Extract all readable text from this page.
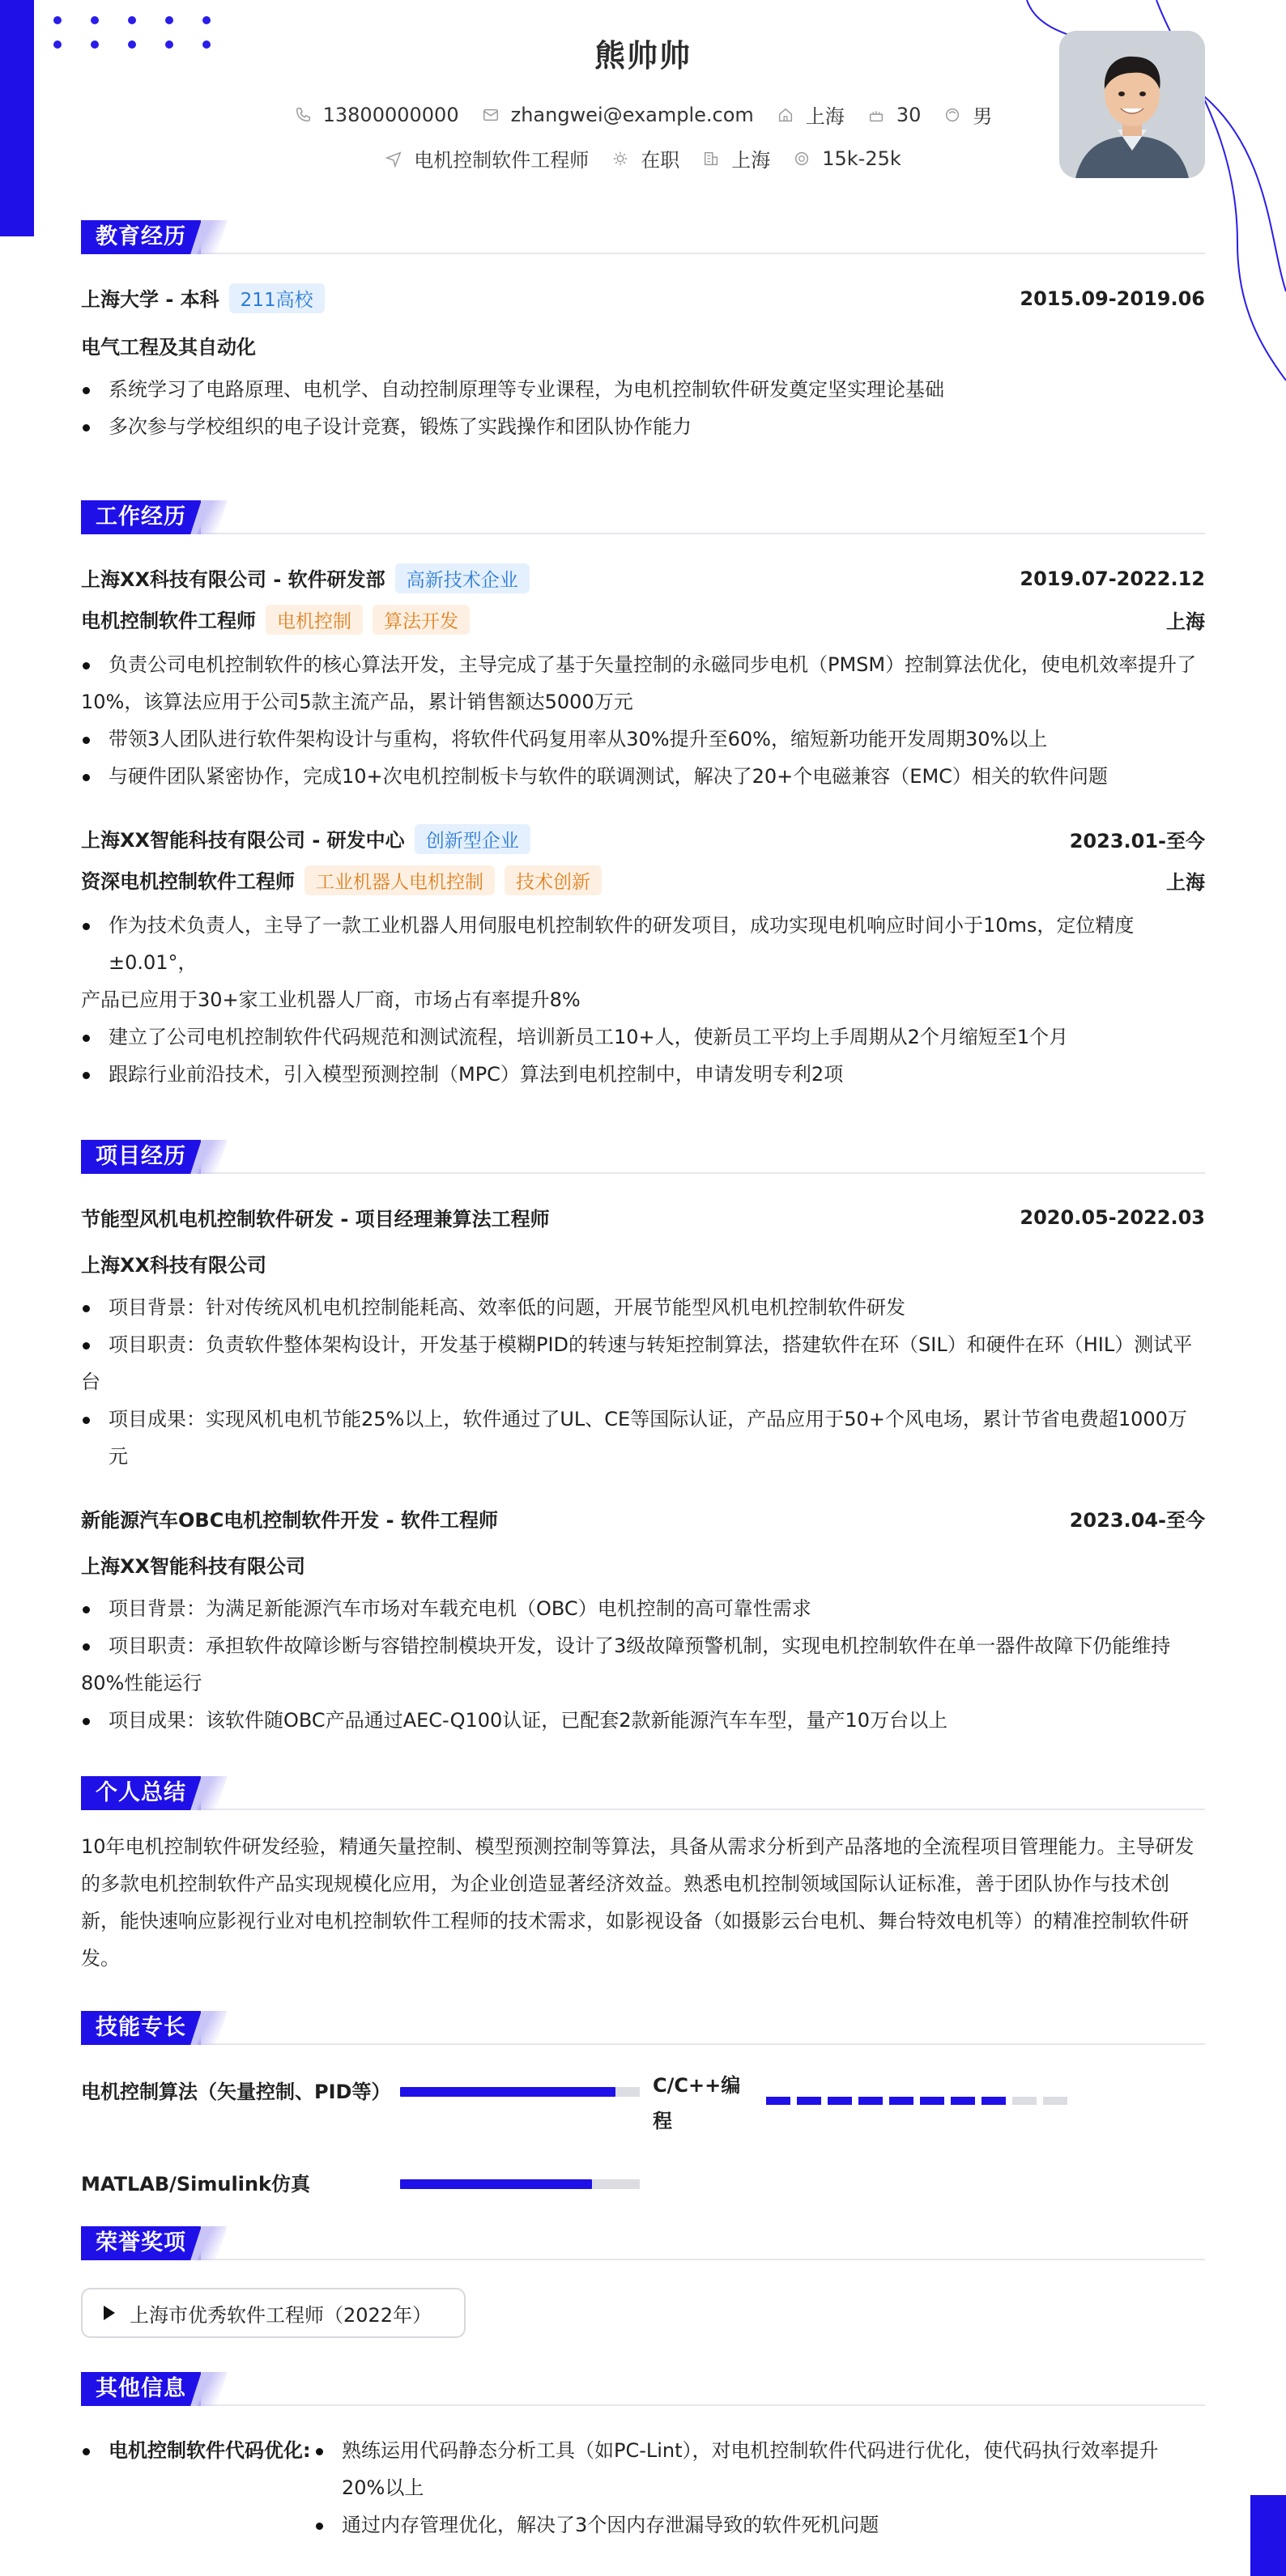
熊帅帅
13800000000	zhangwei@example.com	上海	30	男
电机控制软件工程师	在职	上海	15k-25k
教育经历
上海大学 - 本科 211高校	2015.09-2019.06
电气工程及其自动化
系统学习了电路原理、电机学、自动控制原理等专业课程，为电机控制软件研发奠定坚实理论基础
多次参与学校组织的电子设计竞赛，锻炼了实践操作和团队协作能力
工作经历
上海XX科技有限公司 - 软件研发部 高新技术企业	2019.07-2022.12
电机控制软件工程师 电机控制 算法开发	上海
负责公司电机控制软件的核心算法开发，主导完成了基于矢量控制的永磁同步电机（PMSM）控制算法优化，使电机效率提升了
10%，该算法应用于公司5款主流产品，累计销售额达5000万元
带领3人团队进行软件架构设计与重构，将软件代码复用率从30%提升至60%，缩短新功能开发周期30%以上
与硬件团队紧密协作，完成10+次电机控制板卡与软件的联调测试，解决了20+个电磁兼容（EMC）相关的软件问题
上海XX智能科技有限公司 - 研发中心 创新型企业	2023.01-至今
资深电机控制软件工程师 工业机器人电机控制 技术创新	上海
作为技术负责人，主导了一款工业机器人用伺服电机控制软件的研发项目，成功实现电机响应时间小于10ms，定位精度±0.01°，
产品已应用于30+家工业机器人厂商，市场占有率提升8%
建立了公司电机控制软件代码规范和测试流程，培训新员工10+人，使新员工平均上手周期从2个月缩短至1个月
跟踪行业前沿技术，引入模型预测控制（MPC）算法到电机控制中，申请发明专利2项
项目经历
节能型风机电机控制软件研发 - 项目经理兼算法工程师	2020.05-2022.03
上海XX科技有限公司
项目背景：针对传统风机电机控制能耗高、效率低的问题，开展节能型风机电机控制软件研发
项目职责：负责软件整体架构设计，开发基于模糊PID的转速与转矩控制算法，搭建软件在环（SIL）和硬件在环（HIL）测试平
台
项目成果：实现风机电机节能25%以上，软件通过了UL、CE等国际认证，产品应用于50+个风电场，累计节省电费超1000万元
新能源汽车OBC电机控制软件开发 - 软件工程师	2023.04-至今
上海XX智能科技有限公司
项目背景：为满足新能源汽车市场对车载充电机（OBC）电机控制的高可靠性需求
项目职责：承担软件故障诊断与容错控制模块开发，设计了3级故障预警机制，实现电机控制软件在单一器件故障下仍能维持
80%性能运行
项目成果：该软件随OBC产品通过AEC-Q100认证，已配套2款新能源汽车车型，量产10万台以上
个人总结
10年电机控制软件研发经验，精通矢量控制、模型预测控制等算法，具备从需求分析到产品落地的全流程项目管理能力。主导研发
的多款电机控制软件产品实现规模化应用，为企业创造显著经济效益。熟悉电机控制领域国际认证标准，善于团队协作与技术创
新，能快速响应影视行业对电机控制软件工程师的技术需求，如影视设备（如摄影云台电机、舞台特效电机等）的精准控制软件研
发。
技能专长
电机控制算法（矢量控制、PID等）	C/C++编
程
MATLAB/Simulink仿真
荣誉奖项
上海市优秀软件工程师（2022年）
其他信息
电机控制软件代码优化:	熟练运用代码静态分析工具（如PC-Lint），对电机控制软件代码进行优化，使代码执行效率提升
20%以上
通过内存管理优化，解决了3个因内存泄漏导致的软件死机问题
